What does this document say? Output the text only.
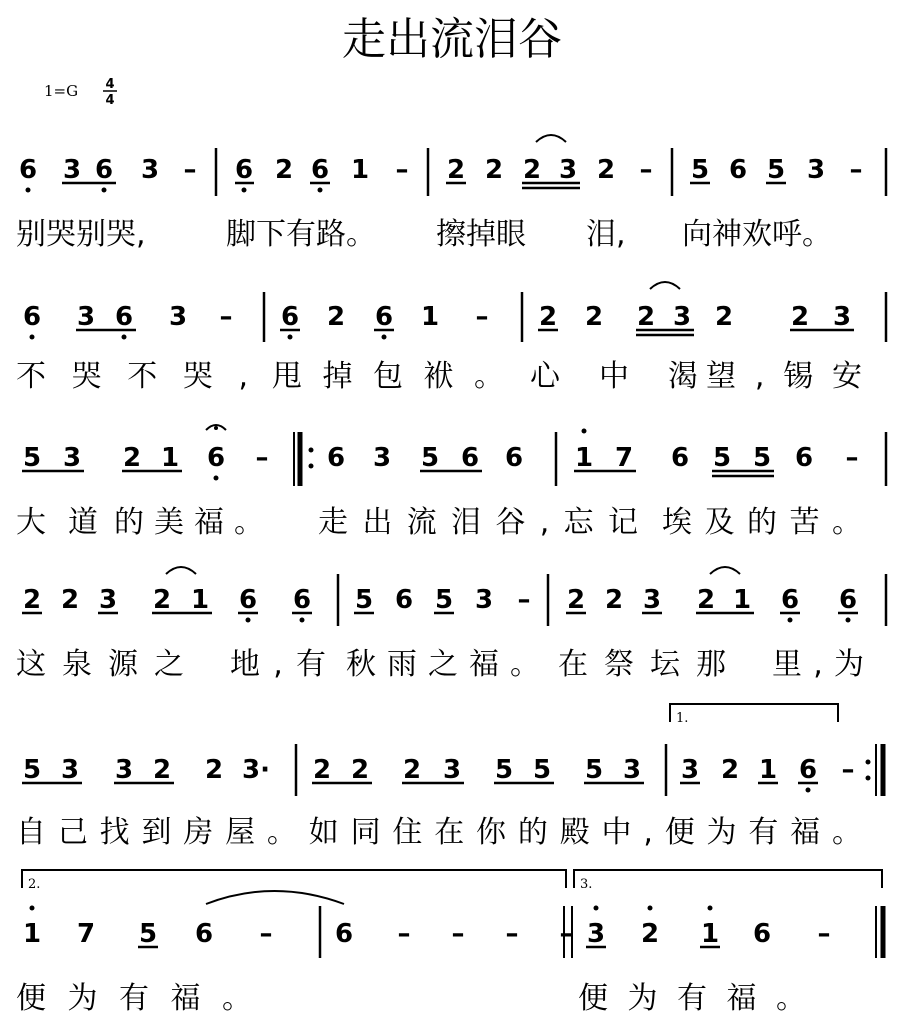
走出流泪谷
1=G 4
4
6 3 6 3 – 6 2 6 1 – 2 2 2 3 2 – 5 6 5 3 –
别哭别哭,	脚下有路。 擦掉眼 泪, 向神欢呼。
6 3 6 3 – 6 2 6 1 – 2 2 2 3 2 2 3
不哭不哭, 甩掉包袱。 心中渴 望,锡安
5 3 2 1 6 – 6 3 5 6 6 1 7 6 5 5 6 –
大道 的美福。 走出流泪谷,忘记 埃及的苦。
2 2 3 2 1 6 6 5 6 5 3 – 2 2 3 2 1 6 6
这泉源之 地,有 秋雨之福。 在祭坛那 里,为
1.
5 3 3 2 2 3· 2 2 2 3 5 5 5 3 3 2 1 6 –
自己找到房屋。如同住在你的殿中,便为有福。
2.	3.
1 7 5 6 – 6 – – – – 3 2 1 6 –
便为有福。	便为有福。
